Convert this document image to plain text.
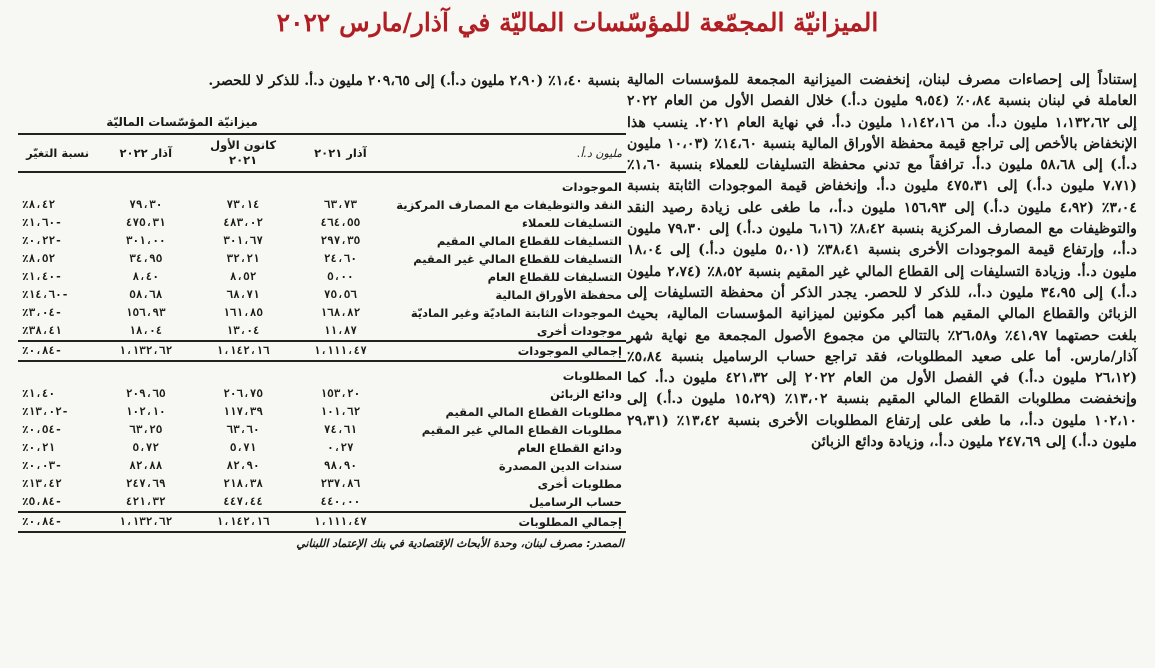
الميزانيّة المجمّعة للمؤسّسات الماليّة في آذار/مارس ٢٠٢٢
بنسبة ١،٤٠٪ (٢،٩٠ مليون د.أ.) إلى ٢٠٩،٦٥ مليون د.أ. للذكر لا للحصر. إستناداً إلى إحصاءات مصرف لبنان، إنخفضت الميزانية المجمعة للمؤسسات المالية العاملة في لبنان بنسبة ٠،٨٤٪ (٩،٥٤ مليون د.أ.) خلال الفصل الأول من العام ٢٠٢٢ إلى ١،١٣٢،٦٢ مليون د.أ. من ١،١٤٢،١٦ مليون د.أ. في نهاية العام ٢٠٢١. ينسب هذا الإنخفاض بالأخص إلى تراجع قيمة محفظة الأوراق المالية بنسبة ١٤،٦٠٪ (١٠،٠٣ مليون د.أ.) إلى ٥٨،٦٨ مليون د.أ. ترافقاً مع تدني محفظة التسليفات للعملاء بنسبة ١،٦٠٪ (٧،٧١ مليون د.أ.) إلى ٤٧٥،٣١ مليون د.أ. وإنخفاض قيمة الموجودات الثابتة بنسبة ٣،٠٤٪ (٤،٩٢ مليون د.أ.) إلى ١٥٦،٩٣ مليون د.أ.، ما طغى على زيادة رصيد النقد والتوظيفات مع المصارف المركزية بنسبة ٨،٤٢٪ (٦،١٦ مليون د.أ.) إلى ٧٩،٣٠ مليون د.أ.، وإرتفاع قيمة الموجودات الأخرى بنسبة ٣٨،٤١٪ (٥،٠١ مليون د.أ.) إلى ١٨،٠٤ مليون د.أ. وزيادة التسليفات إلى القطاع المالي غير المقيم بنسبة ٨،٥٢٪ (٢،٧٤ مليون د.أ.) إلى ٣٤،٩٥ مليون د.أ.، للذكر لا للحصر. يجدر الذكر أن محفظة التسليفات إلى الزبائن والقطاع المالي المقيم هما أكبر مكونين لميزانية المؤسسات المالية، بحيث بلغت حصتهما ٤١،٩٧٪ و٢٦،٥٨٪ بالتتالي من مجموع الأصول المجمعة مع نهاية شهر آذار/مارس. أما على صعيد المطلوبات، فقد تراجع حساب الرساميل بنسبة ٥،٨٤٪ (٢٦،١٢ مليون د.أ.) في الفصل الأول من العام ٢٠٢٢ إلى ٤٢١،٣٢ مليون د.أ. كما وإنخفضت مطلوبات القطاع المالي المقيم بنسبة ١٣،٠٢٪ (١٥،٢٩ مليون د.أ.) إلى ١٠٢،١٠ مليون د.أ.، ما طغى على إرتفاع المطلوبات الأخرى بنسبة ١٣،٤٢٪ (٢٩،٣١ مليون د.أ.) إلى ٢٤٧،٦٩ مليون د.أ.، وزيادة ودائع الزبائن

ميزانيّة المؤسّسات الماليّة
مليون د.أ.	آذار ٢٠٢١	كانون الأول ٢٠٢١	آذار ٢٠٢٢	نسبة التغيّر
الموجودات				
النقد والتوظيفات مع المصارف المركزية	٦٣،٧٣	٧٣،١٤	٧٩،٣٠	٨،٤٢٪
التسليفات للعملاء	٤٦٤،٥٥	٤٨٣،٠٢	٤٧٥،٣١	-١،٦٠٪
التسليفات للقطاع المالي المقيم	٢٩٧،٣٥	٣٠١،٦٧	٣٠١،٠٠	-٠،٢٢٪
التسليفات للقطاع المالي غير المقيم	٢٤،٦٠	٣٢،٢١	٣٤،٩٥	٨،٥٢٪
التسليفات للقطاع العام	٥،٠٠	٨،٥٢	٨،٤٠	-١،٤٠٪
محفظة الأوراق المالية	٧٥،٥٦	٦٨،٧١	٥٨،٦٨	-١٤،٦٠٪
الموجودات الثابتة الماديّة وغير الماديّة	١٦٨،٨٢	١٦١،٨٥	١٥٦،٩٣	-٣،٠٤٪
موجودات أخرى	١١،٨٧	١٣،٠٤	١٨،٠٤	٣٨،٤١٪
إجمالي الموجودات	١،١١١،٤٧	١،١٤٢،١٦	١،١٣٢،٦٢	-٠،٨٤٪
المطلوبات				
ودائع الزبائن	١٥٣،٢٠	٢٠٦،٧٥	٢٠٩،٦٥	١،٤٠٪
مطلوبات القطاع المالي المقيم	١٠١،٦٢	١١٧،٣٩	١٠٢،١٠	-١٣،٠٢٪
مطلوبات القطاع المالي غير المقيم	٧٤،٦١	٦٣،٦٠	٦٣،٢٥	-٠،٥٤٪
ودائع القطاع العام	٠،٢٧	٥،٧١	٥،٧٢	٠،٢١٪
سندات الدين المصدرة	٩٨،٩٠	٨٢،٩٠	٨٢،٨٨	-٠،٠٣٪
مطلوبات أخرى	٢٣٧،٨٦	٢١٨،٣٨	٢٤٧،٦٩	١٣،٤٢٪
حساب الرساميل	٤٤٠،٠٠	٤٤٧،٤٤	٤٢١،٣٢	-٥،٨٤٪
إجمالي المطلوبات	١،١١١،٤٧	١،١٤٢،١٦	١،١٣٢،٦٢	-٠،٨٤٪
المصدر: مصرف لبنان، وحدة الأبحاث الإقتصادية في بنك الإعتماد اللبناني
